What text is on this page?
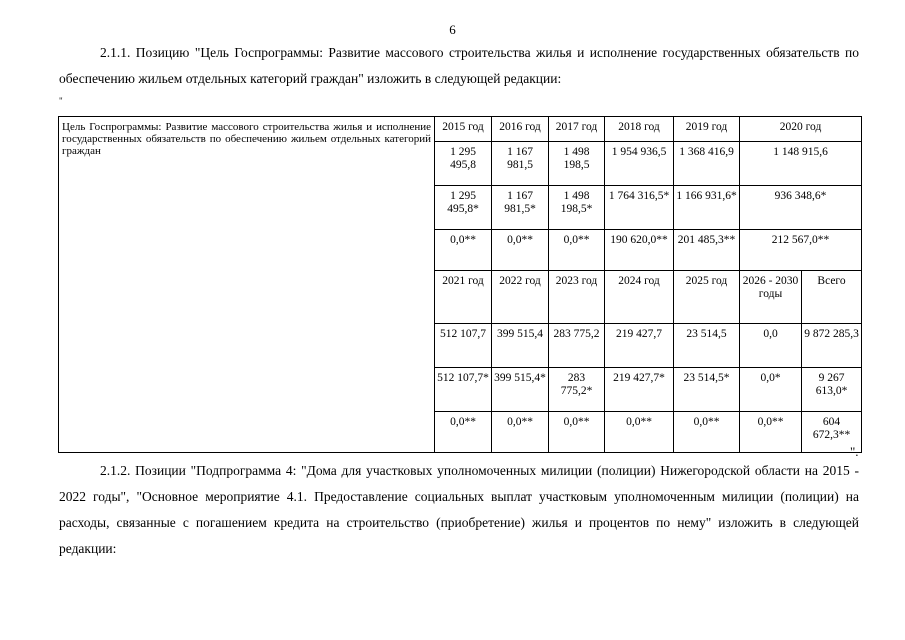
6
2.1.1. Позицию "Цель Госпрограммы: Развитие массового строительства жилья и исполнение государственных обязательств по обеспечению жильем отдельных категорий граждан" изложить в следующей редакции:
"
Цель Госпрограммы: Развитие массового строительства жилья и исполнение государственных обязательств по обеспечению жильем отдельных категорий граждан	2015 год	2016 год	2017 год	2018 год	2019 год	2020 год	
	1 295 495,8	1 167 981,5	1 498 198,5	1 954 936,5	1 368 416,9	1 148 915,6	
	1 295 495,8*	1 167 981,5*	1 498 198,5*	1 764 316,5*	1 166 931,6*	936 348,6*	
	0,0**	0,0**	0,0**	190 620,0**	201 485,3**	212 567,0**	
	2021 год	2022 год	2023 год	2024 год	2025 год	2026 - 2030 годы	Всего
	512 107,7	399 515,4	283 775,2	219 427,7	23 514,5	0,0	9 872 285,3
	512 107,7*	399 515,4*	283 775,2*	219 427,7*	23 514,5*	0,0*	9 267 613,0*
	0,0**	0,0**	0,0**	0,0**	0,0**	0,0**	604 672,3**
".
2.1.2. Позиции "Подпрограмма 4: "Дома для участковых уполномоченных милиции (полиции) Нижегородской области на 2015 - 2022 годы", "Основное мероприятие 4.1. Предоставление социальных выплат участковым уполномоченным милиции (полиции) на расходы, связанные с погашением кредита на строительство (приобретение) жилья и процентов по нему" изложить в следующей редакции:
